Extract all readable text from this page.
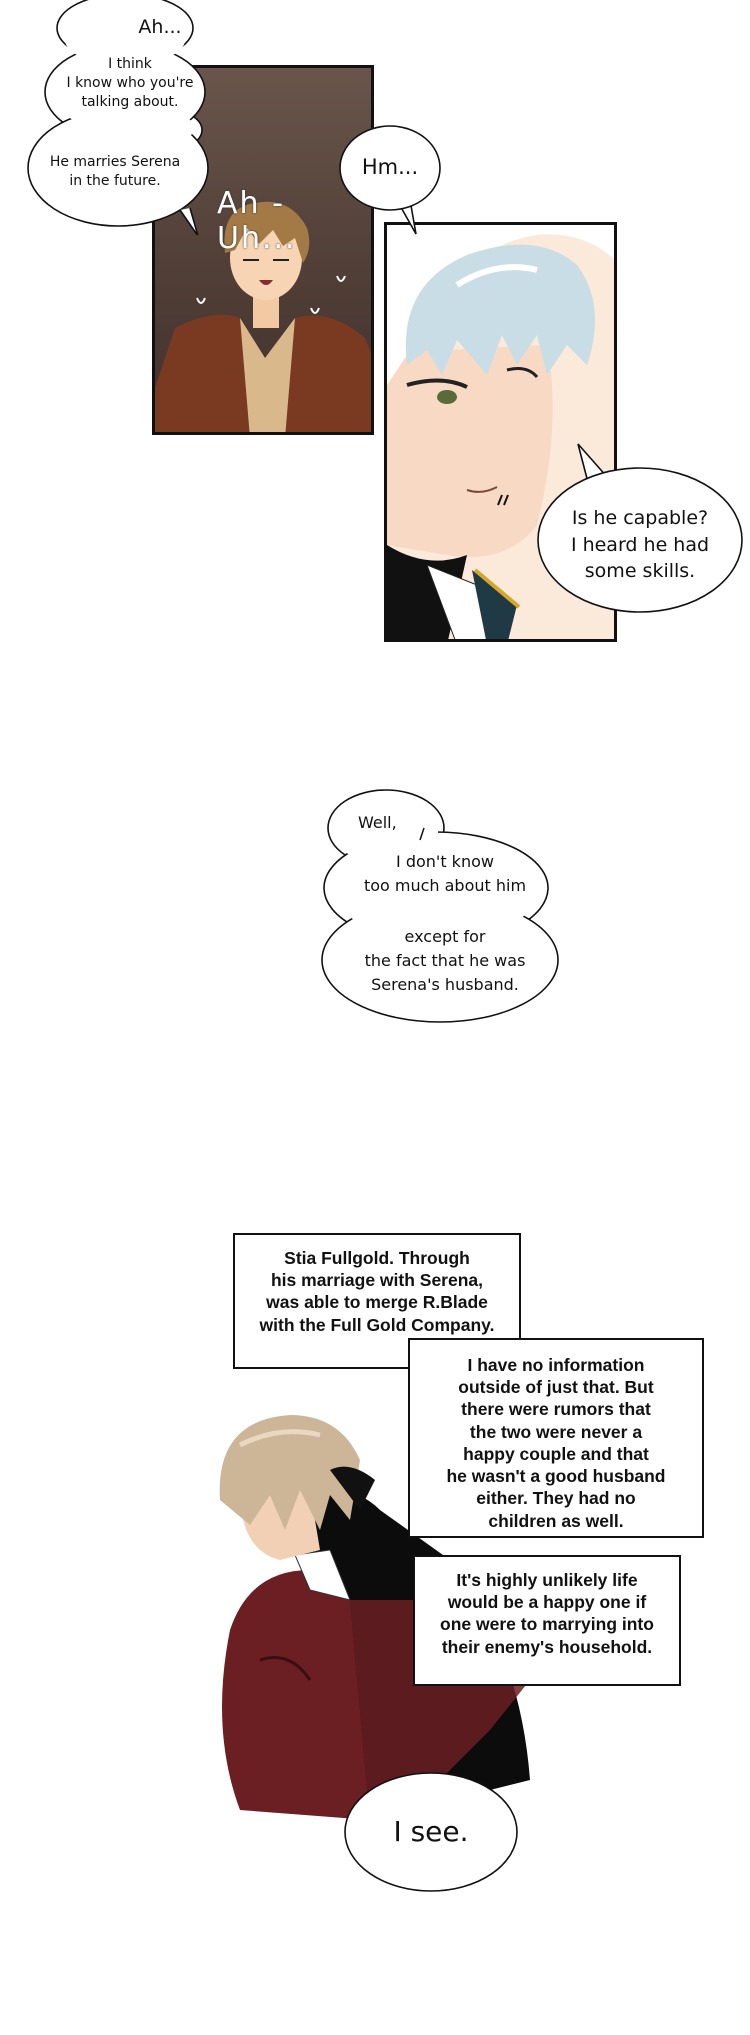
Ah - Uh...
Ah...
I think
I know who you're
talking about.
He marries Serena
in the future.
Hm...
Is he capable?
I heard he had
some skills.
Well,
I don't know
too much about him
except for
the fact that he was
Serena's husband.
Stia Fullgold. Through
his marriage with Serena,
was able to merge R.Blade
with the Full Gold Company.
I have no information
outside of just that. But
there were rumors that
the two were never a
happy couple and that
he wasn't a good husband
either. They had no
children as well.
It's highly unlikely life
would be a happy one if
one were to marrying into
their enemy's household.
I see.
